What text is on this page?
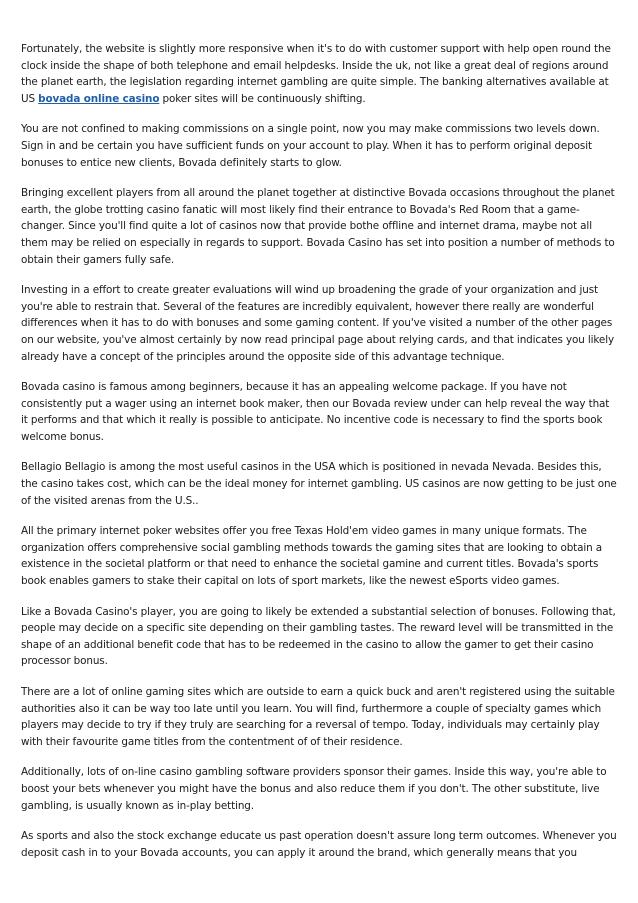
Fortunately, the website is slightly more responsive when it's to do with customer support with help open round the clock inside the shape of both telephone and email helpdesks. Inside the uk, not like a great deal of regions around the planet earth, the legislation regarding internet gambling are quite simple. The banking alternatives available at US bovada online casino poker sites will be continuously shifting.

You are not confined to making commissions on a single point, now you may make commissions two levels down. Sign in and be certain you have sufficient funds on your account to play. When it has to perform original deposit bonuses to entice new clients, Bovada definitely starts to glow.

Bringing excellent players from all around the planet together at distinctive Bovada occasions throughout the planet earth, the globe trotting casino fanatic will most likely find their entrance to Bovada's Red Room that a game-changer. Since you'll find quite a lot of casinos now that provide bothe offline and internet drama, maybe not all them may be relied on especially in regards to support. Bovada Casino has set into position a number of methods to obtain their gamers fully safe.

Investing in a effort to create greater evaluations will wind up broadening the grade of your organization and just you're able to restrain that. Several of the features are incredibly equivalent, however there really are wonderful differences when it has to do with bonuses and some gaming content. If you've visited a number of the other pages on our website, you've almost certainly by now read principal page about relying cards, and that indicates you likely already have a concept of the principles around the opposite side of this advantage technique.

Bovada casino is famous among beginners, because it has an appealing welcome package. If you have not consistently put a wager using an internet book maker, then our Bovada review under can help reveal the way that it performs and that which it really is possible to anticipate. No incentive code is necessary to find the sports book welcome bonus.

Bellagio Bellagio is among the most useful casinos in the USA which is positioned in nevada Nevada. Besides this, the casino takes cost, which can be the ideal money for internet gambling. US casinos are now getting to be just one of the visited arenas from the U.S..

All the primary internet poker websites offer you free Texas Hold'em video games in many unique formats. The organization offers comprehensive social gambling methods towards the gaming sites that are looking to obtain a existence in the societal platform or that need to enhance the societal gamine and current titles. Bovada's sports book enables gamers to stake their capital on lots of sport markets, like the newest eSports video games.

Like a Bovada Casino's player, you are going to likely be extended a substantial selection of bonuses. Following that, people may decide on a specific site depending on their gambling tastes. The reward level will be transmitted in the shape of an additional benefit code that has to be redeemed in the casino to allow the gamer to get their casino processor bonus.

There are a lot of online gaming sites which are outside to earn a quick buck and aren't registered using the suitable authorities also it can be way too late until you learn. You will find, furthermore a couple of specialty games which players may decide to try if they truly are searching for a reversal of tempo. Today, individuals may certainly play with their favourite game titles from the contentment of of their residence.

Additionally, lots of on-line casino gambling software providers sponsor their games. Inside this way, you're able to boost your bets whenever you might have the bonus and also reduce them if you don't. The other substitute, live gambling, is usually known as in-play betting.

As sports and also the stock exchange educate us past operation doesn't assure long term outcomes. Whenever you deposit cash in to your Bovada accounts, you can apply it around the brand, which generally means that you
